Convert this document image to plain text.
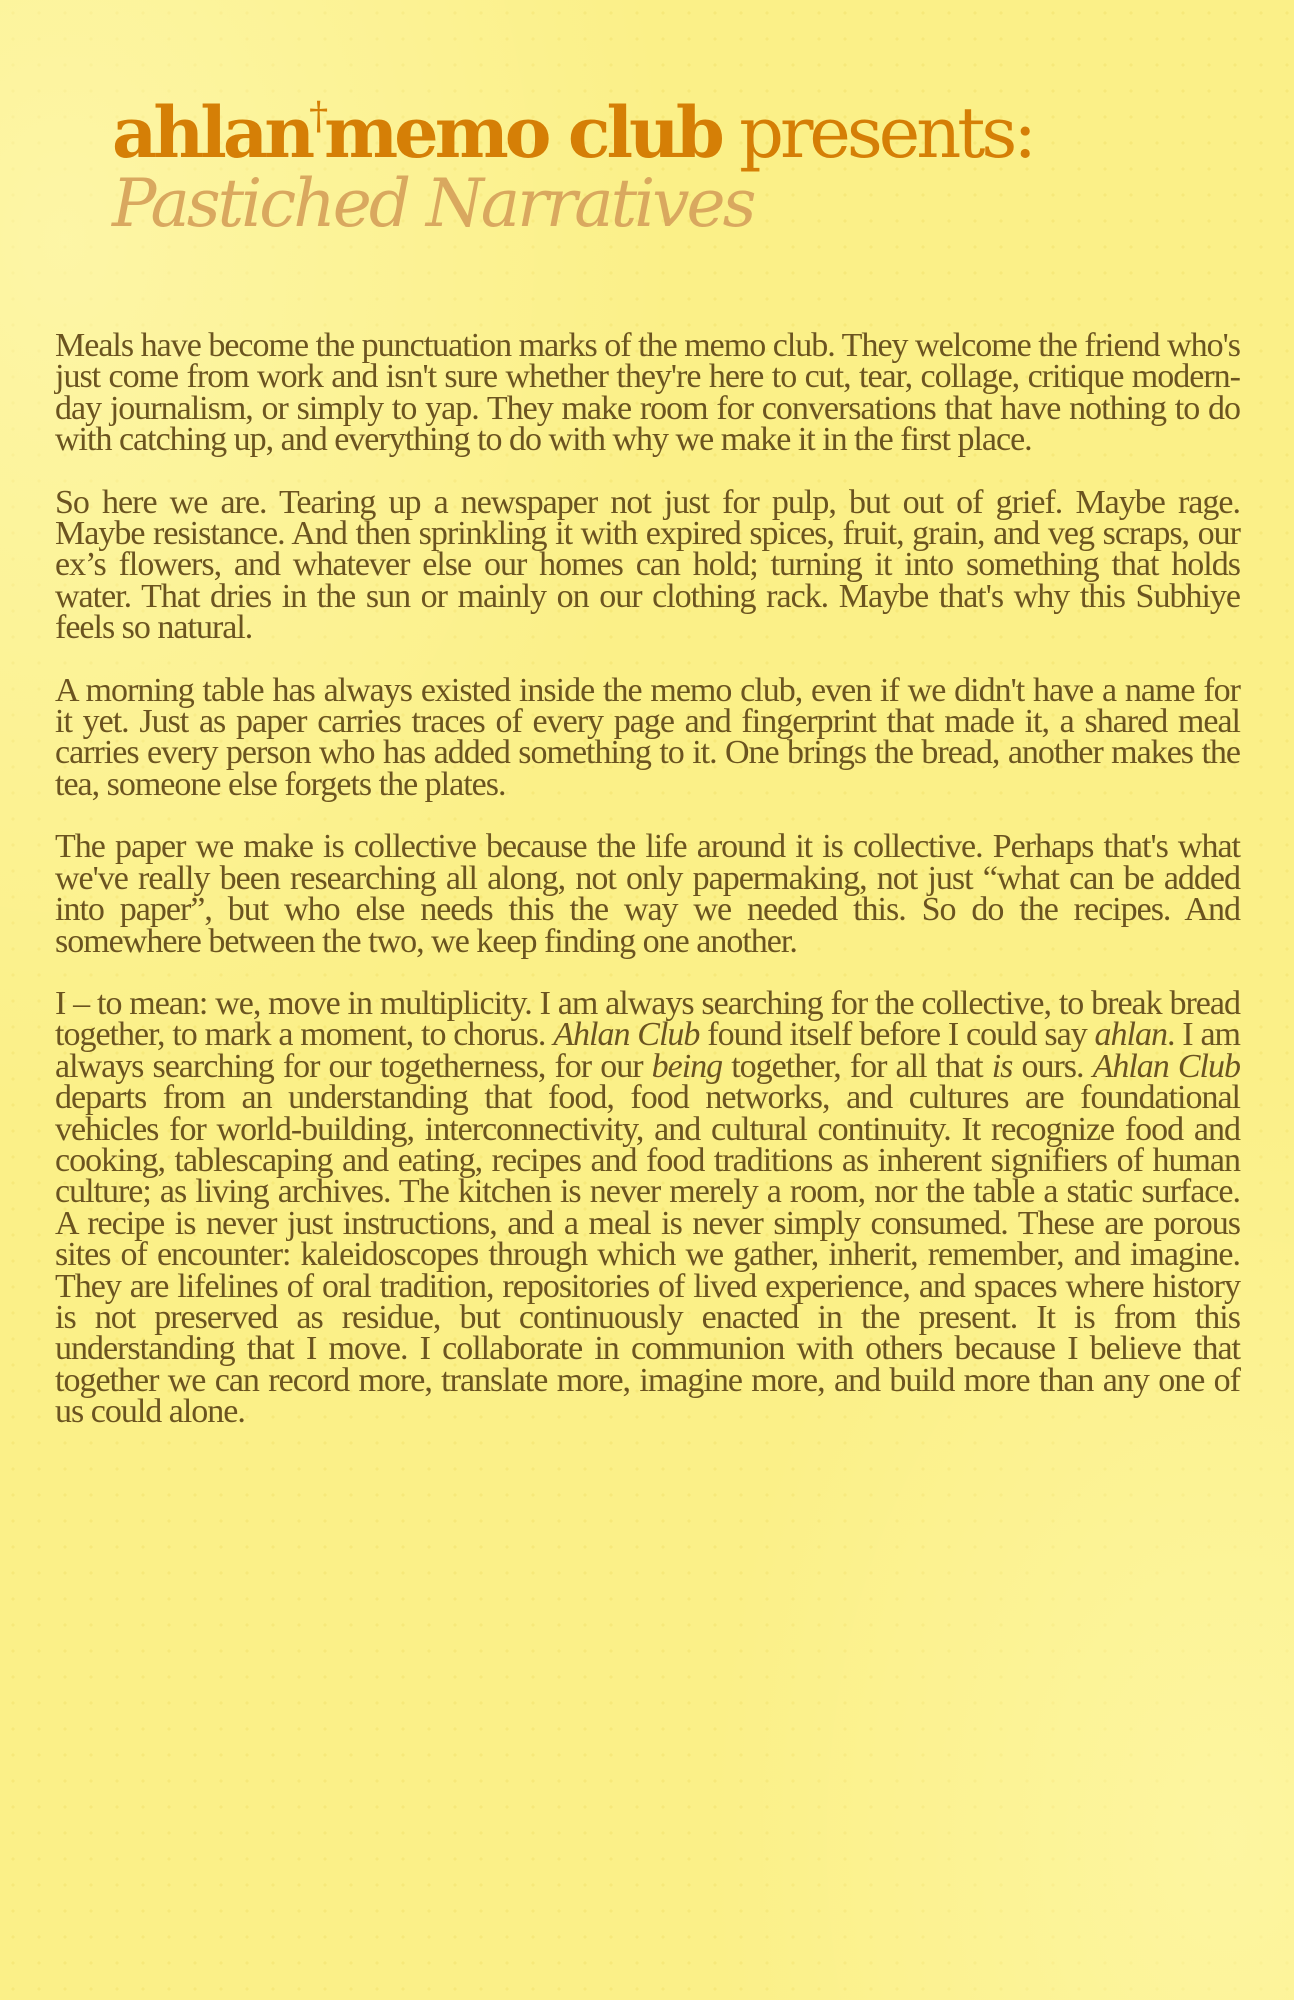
ahlan†memo club presents:
Pastiched Narratives

Meals have become the punctuation marks of the memo club. They welcome the friend who's just come from work and isn't sure whether they're here to cut, tear, collage, critique modern-day journalism, or simply to yap. They make room for conversations that have nothing to do with catching up, and everything to do with why we make it in the first place.

So here we are. Tearing up a newspaper not just for pulp, but out of grief. Maybe rage. Maybe resistance. And then sprinkling it with expired spices, fruit, grain, and veg scraps, our ex’s flowers, and whatever else our homes can hold; turning it into something that holds water. That dries in the sun or mainly on our clothing rack. Maybe that's why this Subhiye feels so natural.

A morning table has always existed inside the memo club, even if we didn't have a name for it yet. Just as paper carries traces of every page and fingerprint that made it, a shared meal carries every person who has added something to it. One brings the bread, another makes the tea, someone else forgets the plates.

The paper we make is collective because the life around it is collective. Perhaps that's what we've really been researching all along, not only papermaking, not just “what can be added into paper”, but who else needs this the way we needed this. So do the recipes. And somewhere between the two, we keep finding one another.

I – to mean: we, move in multiplicity. I am always searching for the collective, to break bread together, to mark a moment, to chorus. Ahlan Club found itself before I could say ahlan. I am always searching for our togetherness, for our being together, for all that is ours. Ahlan Club departs from an understanding that food, food networks, and cultures are foundational vehicles for world-building, interconnectivity, and cultural continuity. It recognize food and cooking, tablescaping and eating, recipes and food traditions as inherent signifiers of human culture; as living archives. The kitchen is never merely a room, nor the table a static surface. A recipe is never just instructions, and a meal is never simply consumed. These are porous sites of encounter: kaleidoscopes through which we gather, inherit, remember, and imagine. They are lifelines of oral tradition, repositories of lived experience, and spaces where history is not preserved as residue, but continuously enacted in the present. It is from this understanding that I move. I collaborate in communion with others because I believe that together we can record more, translate more, imagine more, and build more than any one of us could alone.
